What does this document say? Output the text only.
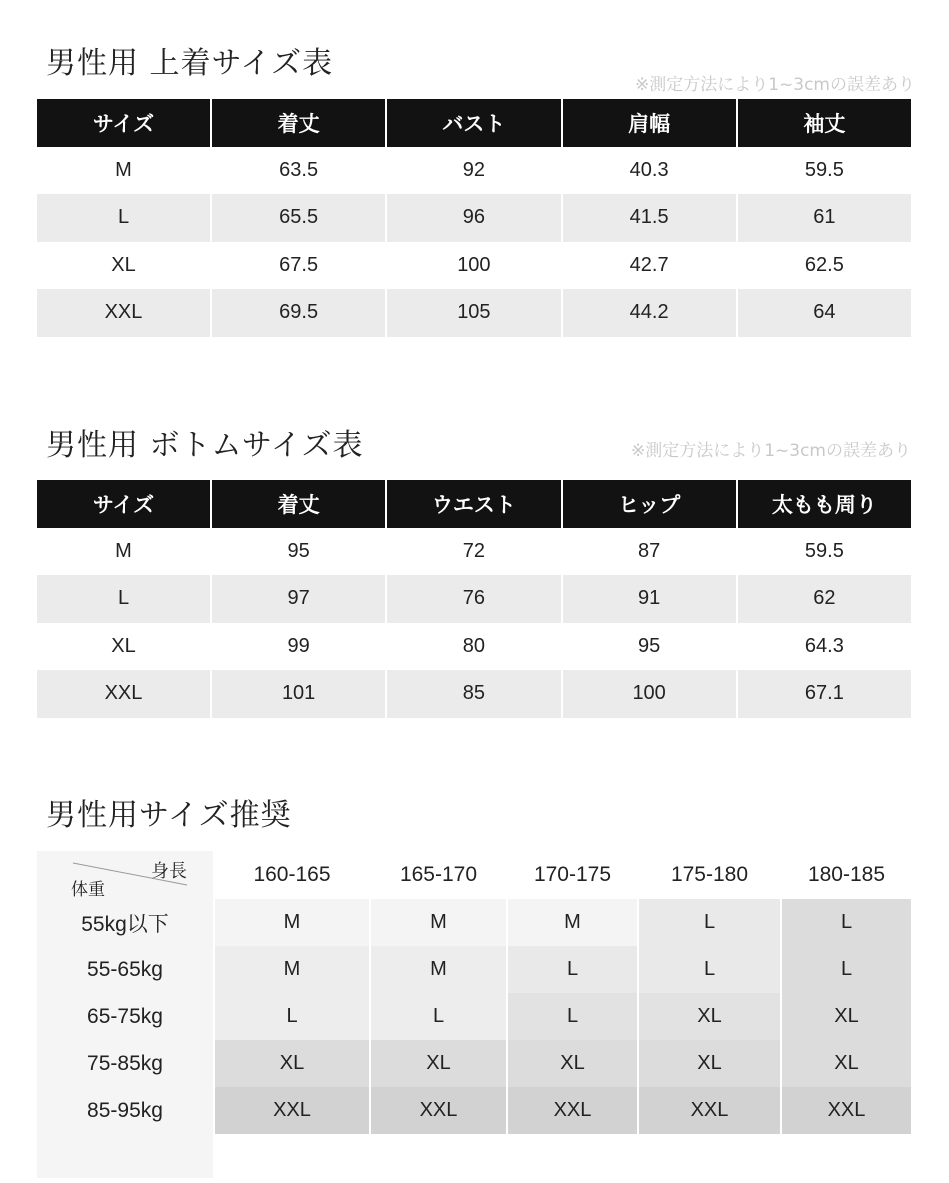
男性用 上着サイズ表
※測定方法により1~3cmの誤差あり
サイズ	着丈	バスト	肩幅	袖丈
M	63.5	92	40.3	59.5
L	65.5	96	41.5	61
XL	67.5	100	42.7	62.5
XXL	69.5	105	44.2	64
男性用 ボトムサイズ表	※測定方法により1~3cmの誤差あり
サイズ	着丈	ウエスト	ヒップ	太もも周り
M	95	72	87	59.5
L	97	76	91	62
XL	99	80	95	64.3
XXL	101	85	100	67.1
男性用サイズ推奨
身長
体重
160-165	165-170	170-175	175-180	180-185
55kg以下	M	M	M	L	L
55-65kg	M	M	L	L	L
65-75kg	L	L	L	XL	XL
75-85kg	XL	XL	XL	XL	XL
85-95kg	XXL	XXL	XXL	XXL	XXL
